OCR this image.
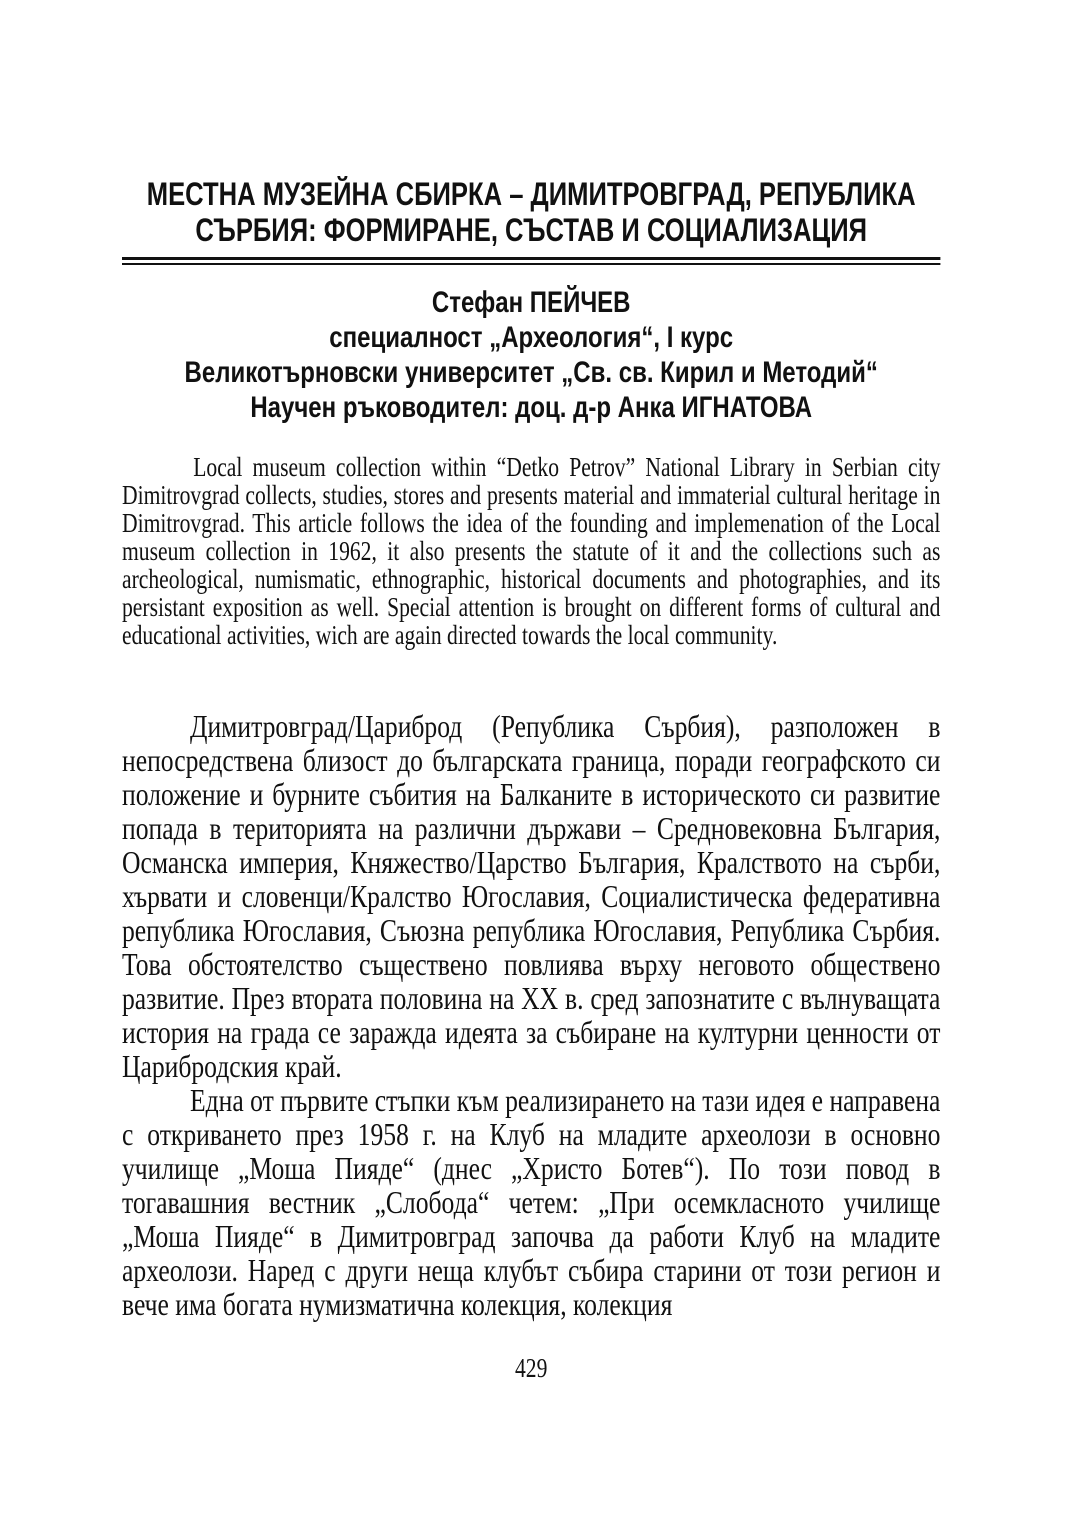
МЕСТНА МУЗЕЙНА СБИРКА – ДИМИТРОВГРАД, РЕПУБЛИКА СЪРБИЯ: ФОРМИРАНЕ, СЪСТАВ И СОЦИАЛИЗАЦИЯ
Стефан ПЕЙЧЕВ
специалност „Археология“, I курс
Великотърновски университет „Св. св. Кирил и Методий“
Научен ръководител: доц. д-р Анка ИГНАТОВА

Local museum collection within “Detko Petrov” National Library in Serbian city Dimitrovgrad collects, studies, stores and presents material and immaterial cultural heritage in Dimitrovgrad. This article follows the idea of the founding and implemenation of the Local museum collection in 1962, it also presents the statute of it and the collections such as archeological, numismatic, ethnographic, historical documents and photographies, and its persistant exposition as well. Special attention is brought on different forms of cultural and educational activities, wich are again directed towards the local community.

Димитровград/Цариброд (Република Сърбия), разположен в непосредствена близост до българската граница, поради географското си положение и бурните събития на Балканите в историческото си развитие попада в територията на различни държави – Средновековна България, Османска империя, Княжество/Царство България, Кралството на сърби, хървати и словенци/Кралство Югославия, Социалистическа федеративна република Югославия, Съюзна република Югославия, Република Сърбия. Това обстоятелство съществено повлиява върху неговото обществено развитие. През втората половина на ХХ в. сред запознатите с вълнуващата история на града се заражда идеята за събиране на културни ценности от Царибродския край.

Една от първите стъпки към реализирането на тази идея е направена с откриването през 1958 г. на Клуб на младите археолози в основно училище „Моша Пияде“ (днес „Христо Ботев“). По този повод в тогавашния вестник „Слобода“ четем: „При осемкласното училище „Моша Пияде“ в Димитровград започва да работи Клуб на младите археолози. Наред с други неща клубът събира старини от този регион и вече има богата нумизматична колекция, колекция

429
